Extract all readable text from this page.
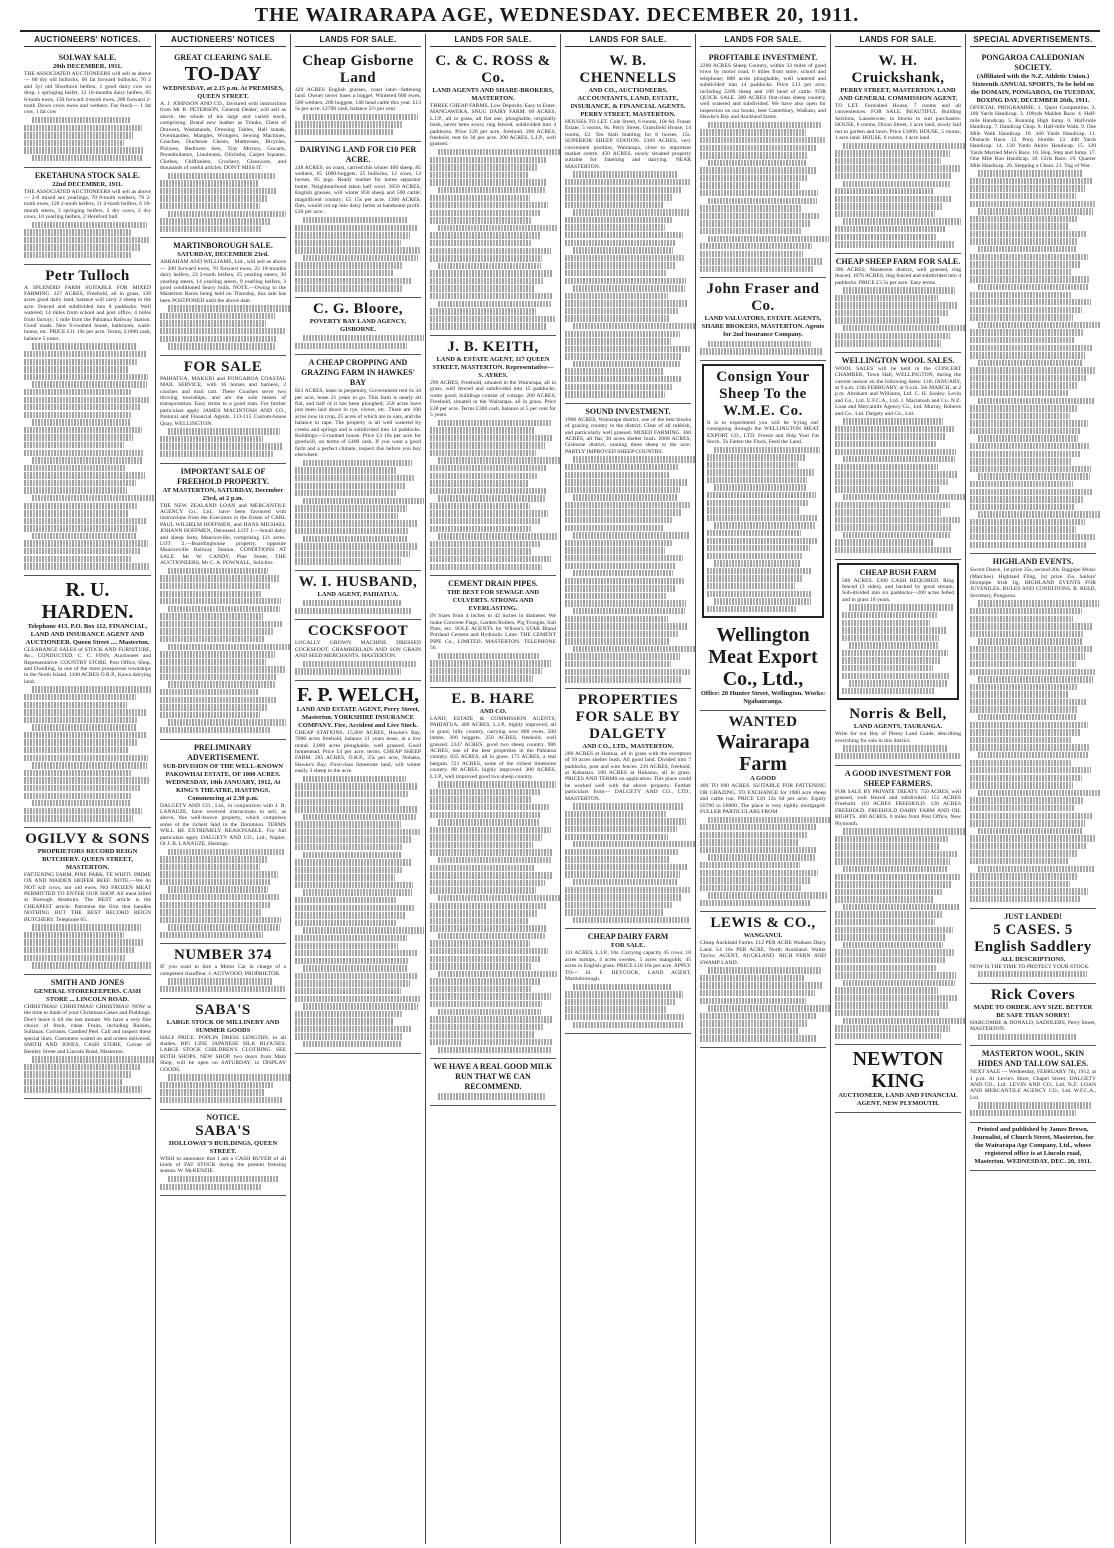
THE WAIRARAPA AGE, WEDNESDAY. DECEMBER 20, 1911.
AUCTIONEERS' NOTICES.
SOLWAY SALE.
20th DECEMBER, 1911.
THE ASSOCIATED AUCTIONEERS will sell as above— 60 dry old bullocks, 60 fat forward bullocks, 70 2 and 3yr old Shorthorn heifers, 1 good dairy cow on drop, 1 springing heifer, 12 10-months dairy heifers, 85 6-tooth ewes, 150 forward 4-tooth ewes, 200 forward 2-tooth Down cross ewes and wethers. Fat Stock— 1 fat cow, 1 fat cow
EKETAHUNA STOCK SALE.
22nd DECEMBER, 1911.
THE ASSOCIATED AUCTIONEERS will sell as above— 2-0 mixed sex yearlings, 70 8-tooth wethers, 70 2-tooth ewes, 120 2-tooth heifers, 11 2-tooth heifers, 6 18-month steers, 3 springing heifers, 2 dry cows, 2 dry cows, 10 yearling heifers, 2 Hereford bull
Petr Tulloch
A SPLENDID FARM SUITABLE FOR MIXED FARMING. 327 ACRES, Freehold, all in grass, 130 acres good dairy land, balance will carry 2 sheep to the acre. Fenced and subdivided into 8 paddocks. Well watered; 14 miles from school and post office, 4 miles from factory; 1 mile from the Pahiatua Railway Station. Good roads. New 6-roomed house, bathroom, wash-house, etc. PRICE £11 10s per acre. Terms, £1000 cash, balance 5 years.
R. U. HARDEN.
Telephone 413. P.O. Box 112. FINANCIAL, LAND AND INSURANCE AGENT AND AUCTIONEER. Queen Street .... Masterton.
CLEARANCE SALES of STOCK AND FURNITURE, &c., CONDUCTED. C. C. FINN, Auctioneer and Representative. COUNTRY STORE, Post Office, Shop, and Dwelling, in one of the most prosperous townships in the North Island. 1100 ACRES O.R.P., Kawa dairying land.
OGILVY & SONS
PROPRIETORS RECORD REIGN BUTCHERY. QUEEN STREET, MASTERTON.
FATTENING FARM, PINE PARK, TE WHITI. PRIME OX AND MAIDEN HEIFER BEEF. NOTE.—We do NOT kill cows, nor old ewes. NO FROZEN MEAT PERMITTED TO ENTER OUR SHOP. All meat killed at Borough Abattoirs. The BEST article is the CHEAPEST article. Patronise the firm that handles NOTHING BUT THE BEST RECORD REIGN BUTCHERY. Telephone 65.
SMITH AND JONES
GENERAL STOREKEEPERS. CASH STORE ... LINCOLN ROAD.
CHRISTMAS! CHRISTMAS! CHRISTMAS! NOW is the time to think of your Christmas Cakes and Puddings. Don't leave it till the last minute. We have a very fine choice of fresh, clean Fruits, including Raisins, Sultanas, Currants, Candied Peel. Call and inspect these special lines. Customers waited on and orders delivered. SMITH AND JONES, CASH STORE, Corner of Bentley Street and Lincoln Road, Masterton.
AUCTIONEERS' NOTICES
GREAT CLEARING SALE.
TO-DAY
WEDNESDAY, at 2.15 p.m. At PREMISES, QUEEN STREET.
A. J. JOHNSON AND CO., favoured with instructions from Mr R. PETERSON, General Dealer, will sell as above, the whole of his large and varied stock, comprising: Brand new leather as Trunks, Chest of Drawers, Washstands, Dressing Tables, Hall stands, Overmantles, Mangles, Wringers, Sewing Machines, Couches, Duchesse Chests, Mattresses, Bicycles, Pictures, Bedroom Sets, Tray Mirrors, Gocarts, Perambulators, Linoleums, Oilcloths, Carpet Squares, Clothes, Chiffoniers, Crockery, Glassware, and thousands of useful articles. DON'T MISS IT.
MARTINBOROUGH SALE.
SATURDAY, DECEMBER 23rd.
ABRAHAM AND WILLIAMS, Ltd., will sell as above— 200 forward ewes, 70 forward ewes, 25 18-months dairy heifers, 23 2-tooth heifers, 25 yearling steers, 30 yearling steers, 14 yearling steers, 9 yearling heifers, 3 good conditioned heavy bulls. NOTE.—Owing to the Masterton Races being held on Thursday, this sale has been POSTPONED until the above date.
FOR SALE
PAHIATUA, MAKURI and FONGAROA COASTAL MAIL SERVICE, with 16 horses and harness, 2 coaches and mail cart. These Coaches serve two thriving townships, and are the sole means of transportation. Easy terms to a good man. For further particulars apply JAMES MACINTOSH AND CO., Pastoral and Financial Agents, 113-115 Custom-house Quay, WELLINGTON.
IMPORTANT SALE OF FREEHOLD PROPERTY.
AT MASTERTON, SATURDAY, December 23rd, at 2 p.m.
THE NEW ZEALAND LOAN and MERCANTILE AGENCY Co., Ltd., have been favoured with instructions from the Executors in the Estate of CARL PAUL WILHELM HOFFMEN, and HANS MICHAEL JOHANN HOFFMEN, Deceased. LOT 1.—Small dairy and sheep farm, Mauriceville, comprising 121 acres. LOT 2.—Boardinghouse property, opposite Mauriceville Railway Station. CONDITIONS AT SALE. Mr W. CANDY, Pine Street, THE AUCTIONEERS, Mr C. A. POWNALL, Solicitor.
PRELIMINARY ADVERTISEMENT.
SUB-DIVISION OF THE WELL-KNOWN PAKOWHAI ESTATE, OF 1000 ACRES. WEDNESDAY, 10th JANUARY, 1912, At KING'S THEATRE, HASTINGS, Commencing at 2.30 p.m.
DALGETY AND CO., Ltd., in conjunction with J. R. LANAUZE, have received instructions to sell, as above, this well-known property, which comprises some of the richest land in the Dominion. TERMS WILL BE EXTREMELY REASONABLE. For full particulars apply DALGETY AND CO., Ltd., Napier. Or J. R. LANAUZE, Hastings.
NUMBER 374
IF you want to hire a Motor Car in charge of a competent chauffeur. J. AUTWOOD, PROPRIETOR.
SABA'S
LARGE STOCK OF MILLINERY AND SUMMER GOODS
HALF PRICE. POPLIN DRESS LENGTHS, in all shades. BIG LINE JAPANESE SILK BLOUSES. LARGE STOCK CHILDREN'S CLOTHING. SEE BOTH SHOPS. NEW SHOP, two doors from Main Shop, will be open on SATURDAY, to DISPLAY GOODS.
NOTICE.
SABA'S
HOLLOWAY'S BUILDINGS, QUEEN STREET.
WISH to announce that I am a CASH BUYER of all kinds of FAT STOCK during the present freezing season. W. McKENZIE.
LANDS FOR SALE.
Cheap Gisborne Land
429 ACRES English grasses, coast land—fattening land. Owner never loses a hogget. Wintered 600 ewes, 500 wethers, 200 hoggets, 140 head cattle this year. £13 5s per acre; £2700 cash, balance 5½ per cent.
DAIRYING LAND FOR £10 PER ACRE.
248 ACRES, on coast, carried this winter 460 sheep, 85 wethers, 65 1000-hoggets, 25 bullocks, 12 cows, 12 horses, 85 pigs. Ready market for home separator butter. Neighbourhood taken half wool. 3050 ACRES, English grasses, will winter 850 sheep and 500 cattle; magnificent country; £5 15s per acre. 1300 ACRES, flats, would cut up into dairy farms at handsome profit. £20 per acre.
C. G. Bloore,
POVERTY BAY LAND AGENCY, GISBORNE.
A CHEAP CROPPING AND GRAZING FARM IN HAWKES' BAY
821 ACRES, lease in perpetuity, Government rent 6s 3d per acre, lease 21 years to go. This farm is nearly all flat, and half of it has been ploughed; 250 acres have just been laid down in rye, clover, etc. There are 100 acres now in crop, 25 acres of which are in oats, and the balance in rape. The property is all well watered by creeks and springs and is subdivided into 14 paddocks. Buildings—5-roomed house. Price £3 10s per acre for goodwill, on terms of £400 cash. If you want a good farm and a perfect climate, inspect this before you buy elsewhere.
W. I. HUSBAND,
LAND AGENT, PAHIATUA.
COCKSFOOT
LOCALLY GROWN MACHINE DRESSED COCKSFOOT. CHAMBERLAIN AND SON GRAIN AND SEED MERCHANTS, MASTERTON.
F. P. WELCH,
LAND AND ESTATE AGENT, Perry Street, Masterton. YORKSHIRE INSURANCE COMPANY. Fire, Accident and Live Stock.
CHEAP STATIONS. 15,800 ACRES, Hawke's Bay, 7000 acres freehold, balance 21 years lease, at a low rental. 2,000 acres ploughable, well grassed. Good homestead. Price £4 per acre; terms. CHEAP SHEEP FARM. 285 ACRES, O.R.P., 25s per acre, Nohaka, Hawke's Bay. First-class limestone land, will winter easily 3 sheep to the acre.
LANDS FOR SALE.
C. & C. ROSS & Co.
LAND AGENTS AND SHARE-BROKERS, MASTERTON.
THREE CHEAP FARMS. Low Deposits. Easy to Enter. MANGAWEKA. SNUG DAIRY FARM. 60 ACRES, L.I.P., all in grass, all flat one, ploughable, originally bush, never been sown; ring fenced, subdivided into 4 paddocks. Price £20 per acre, freehold. 200 ACRES, freehold, rent 6s 3d per acre. 200 ACRES, L.I.P., well grassed.
J. B. KEITH,
LAND & ESTATE AGENT, 117 QUEEN STREET, MASTERTON. Representative—S. AYRES.
290 ACRES, Freehold, situated in the Wairarapa, all in grass, well fenced and subdivided into 15 paddocks; water good; buildings consist of cottage. 200 ACRES, Freehold, situated in the Wairarapa, all in grass. Price £38 per acre. Terms £300 cash, balance at 5 per cent for 5 years.
CEMENT DRAIN PIPES.
THE BEST FOR SEWAGE AND CULVERTS. STRONG AND EVERLASTING.
IN Sizes from 4 inches to 42 inches in diameter. We make Concrete Flags, Garden Rollers, Pig Troughs, Salt Pans, etc. SOLE AGENTS for Wilson's STAR Brand Portland Cement and Hydraulic Lime. THE CEMENT PIPE Co., LIMITED. MASTERTON. TELEPHONE 56.
E. B. HARE
AND CO.
LAND, ESTATE & COMMISSION AGENTS, PAHIATUA. 400 ACRES, L.I.P., highly improved, all in grass; hilly country, carrying now 800 ewes, 500 lambs, 300 hoggets. 250 ACRES, freehold, well grassed. 2347 ACRES, good two sheep country. 986 ACRES, one of the best properties in the Pahiatua country. 835 ACRES, all in grass. 175 ACRES, a real bargain. 721 ACRES, some of the richest limestone country. 88 ACRES, highly improved. 300 ACRES, L.I.P., well improved good two sheep country.
WE HAVE A REAL GOOD MILK RUN THAT WE CAN RECOMMEND.
LANDS FOR SALE.
W. B. CHENNELLS
AND CO., AUCTIONEERS, ACCOUNTANTS, LAND, ESTATE, INSURANCE, & FINANCIAL AGENTS. PERRY STREET, MASTERTON.
HOUSES TO LET. Cole Street, 6 rooms, 10s 6d. Fraser Estate, 5 rooms, 8s. Perry Street, Grassfield House, 14 rooms, £2. Ten Stall Stabling for 8 horses, 15s. SUPERIOR SHEEP STATION. 2369 ACRES, very convenient position, Wairarapa, close to important market centre. 450 ACRES, nicely situated property suitable for fattening and dairying. NEAR MASTERTON.
SOUND INVESTMENT.
1900 ACRES, Wairarapa district, one of the best blocks of grazing country in the district. Clear of all rubbish, and particularly well grassed. MIXED FARMING. 360 ACRES, all flat, 30 acres shelter bush. 2000 ACRES, Gisborne district, running three sheep to the acre. PARTLY IMPROVED SHEEP COUNTRY.
PROPERTIES FOR SALE BY DALGETY
AND CO., LTD., MASTERTON.
200 ACRES at Hamua, all in grass with the exception of 10 acres shelter bush. All good land. Divided into 7 paddocks, post and wire fences. 230 ACRES, freehold, at Kahutara. 100 ACRES at Hukanui, all in grass. PRICES AND TERMS on application. This place could be worked well with the above property. Further particulars from— DALGETY AND CO., LTD., MASTERTON.
CHEAP DAIRY FARM
FOR SALE.
111 ACRES, L.I.P., 10s. Carrying capacity 45 cows; 18 acres turnips, 4 acres swedes, 5 acres mangolds. 45 acres in English grass. PRICE £10 10s per acre. APPLY TO— H. F. HEYCOCK, LAND AGENT, Martinborough.
LANDS FOR SALE.
PROFITABLE INVESTMENT.
2200 ACRES Sheep Country, within 33 miles of good town by motor road, 6 miles from store, school and telephone; 800 acres ploughable, well watered and subdivided into 14 paddocks. Price £13 per acre, including 2200 sheep and 100 head of cattle. FOR QUICK SALE. 300 ACRES first-class sheep country, well watered and subdivided. We have also open for inspection on our books, best Canterbury, Waikato, and Hawke's Bay and Auckland farms.
John Fraser and Co.
LAND VALUATORS, ESTATE AGENTS, SHARE BROKERS, MASTERTON. Agents for 2nd Insurance Company.
Consign Your Sheep To the W.M.E. Co.
It is to experiment you will be 'trying out' consigning through the WELLINGTON MEAT EXPORT CO., LTD. Freeze and Ship Your Fat Stock. To Fatten the Flock, Feed the Land.
Wellington Meat Export Co., Ltd.,
Office: 20 Hunter Street, Wellington. Works: Ngahauranga.
WANTED
Wairarapa Farm
A GOOD
400 TO 600 ACRES. SUITABLE FOR FATTENING OR GRAZING. TO EXCHANGE for 1900 acre sheep and cattle run. PRICE £10 12s 6d per acre. Equity £0700 to £8000. The place is very lightly mortgaged. FULLER PARTICULARS FROM
LEWIS & CO.,
WANGANUI.
Cheap Auckland Farms. £12 PER ACRE Waikato Dairy Land. £4 10s PER ACRE, North Auckland. Walter Taylor, AGENT, AUCKLAND. RICH FERN AND SWAMP LAND.
LANDS FOR SALE.
W. H. Cruickshank,
PERRY STREET, MASTERTON. LAND AND GENERAL COMMISSION AGENT.
TO LET. Furnished House, 7 rooms and all conveniences. FOR SALE. BEAUTIFUL Building Sections, Lansdowne, in blocks to suit purchasers. HOUSE, 6 rooms, Dixon Street, 1 acre land, nicely laid out in garden and lawn. Price £1000. HOUSE, 5 rooms, 1 acre land. HOUSE, 6 rooms, 1 acre land.
CHEAP SHEEP FARM FOR SALE.
396 ACRES, Masterton district, well grassed, ring fenced, 1076 ACRES, ring fenced and subdivided into 4 paddocks. PRICE £3 5s per acre. Easy terms.
WELLINGTON WOOL SALES.
WOOL SALES will be held in the CONCERT CHAMBER, Town Hall, WELLINGTON, during the current season on the following dates: 11th JANUARY, at 9 a.m. 13th FEBRUARY, at 9 a.m. 5th MARCH, at 2 p.m. Abraham and Williams, Ltd. C. H. Sonley. Levin and Co., Ltd. U.F.C.A., Ltd. J. Macintosh and Co. N.Z. Loan and Mercantile Agency Co., Ltd. Murray, Roberts and Co., Ltd. Dalgety and Co., Ltd.
CHEAP BUSH FARM
580 ACRES. £300 CASH REQUIRED. Ring fenced (3 sides), and backed by good stream. Sub-divided into six paddocks—200 acres felled and in grass 18 years.
Norris & Bell,
LAND AGENTS, TAURANGA.
Write for our Bay of Plenty Land Guide, describing everything for sale in this district.
A GOOD INVESTMENT FOR SHEEP FARMERS.
FOR SALE BY PRIVATE TREATY. 750 ACRES, well grassed, well fenced and subdivided. 151 ACRES Freehold. 110 ACRES FREEHOLD. 120 ACRES FREEHOLD. FREEHOLD DAIRY FARM AND OIL RIGHTS. 300 ACRES, 6 miles from Post Office, New Plymouth.
NEWTON KING
AUCTIONEER, LAND AND FINANCIAL AGENT, NEW PLYMOUTH.
SPECIAL ADVERTISEMENTS.
PONGAROA CALEDONIAN SOCIETY.
(Affiliated with the N.Z. Athletic Union.) Sixteenth ANNUAL SPORTS, To be held on the DOMAIN, PONGAROA, On TUESDAY, BOXING DAY, DECEMBER 26th, 1911.
OFFICIAL PROGRAMME. 1. Quoit Competition. 2. 100 Yards Handicap. 3. 100yds Maiden Race. 4. Half-mile Handicap. 5. Running High Jump. 6. Half-mile Handicap. 7. Handicap Chop. 8. Half-mile Walk. 9. One Mile Walk Handicap. 10. 440 Yards Handicap. 11. Obstacle Race. 12. Pony Hurdle. 13. 440 Yards Handicap. 14. 120 Yards Akitio Handicap. 15. 120 Yards Married Men's Race. 16. Hop, Step and Jump. 17. One Mile Run Handicap. 18. Girls Race. 19. Quarter Mile Handicap. 20. Stepping a Chain. 21. Tug of War.
HIGHLAND EVENTS.
Sword Dance, 1st prize 35s, second 20s. Bagpipe Music (Marches). Highland Fling, 1st prize 35s. Sailors' Hornpipe. Irish Jig. HIGHLAND EVENTS FOR JUVENILES. RULES AND CONDITIONS. R. REED, Secretary, Pongaroa.
JUST LANDED!
5 CASES. 5 English Saddlery
ALL DESCRIPTIONS.
NOW IS THE TIME TO PROTECT YOUR STOCK.
Rick Covers
MADE TO ORDER. ANY SIZE. BETTER BE SAFE THAN SORRY!
HARCOMBE & DONALD, SADDLERS, Perry Street, MASTERTON.
MASTERTON WOOL, SKIN HIDES AND TALLOW SALES.
NEXT SALE — Wednesday, FEBRUARY 7th, 1912, at 1 p.m. At Levin's Store, Chapel Street, DALGETY AND CO., Ltd. LEVIN AND CO., Ltd. N.Z. LOAN AND MERCANTILE AGENCY CO., Ltd. W.F.C.A., Ltd.
Printed and published by James Brown, Journalist, of Church Street, Masterton, for the Wairarapa Age Company, Ltd., whose registered office is at Lincoln road, Masterton. WEDNESDAY, DEC. 20, 1911.
